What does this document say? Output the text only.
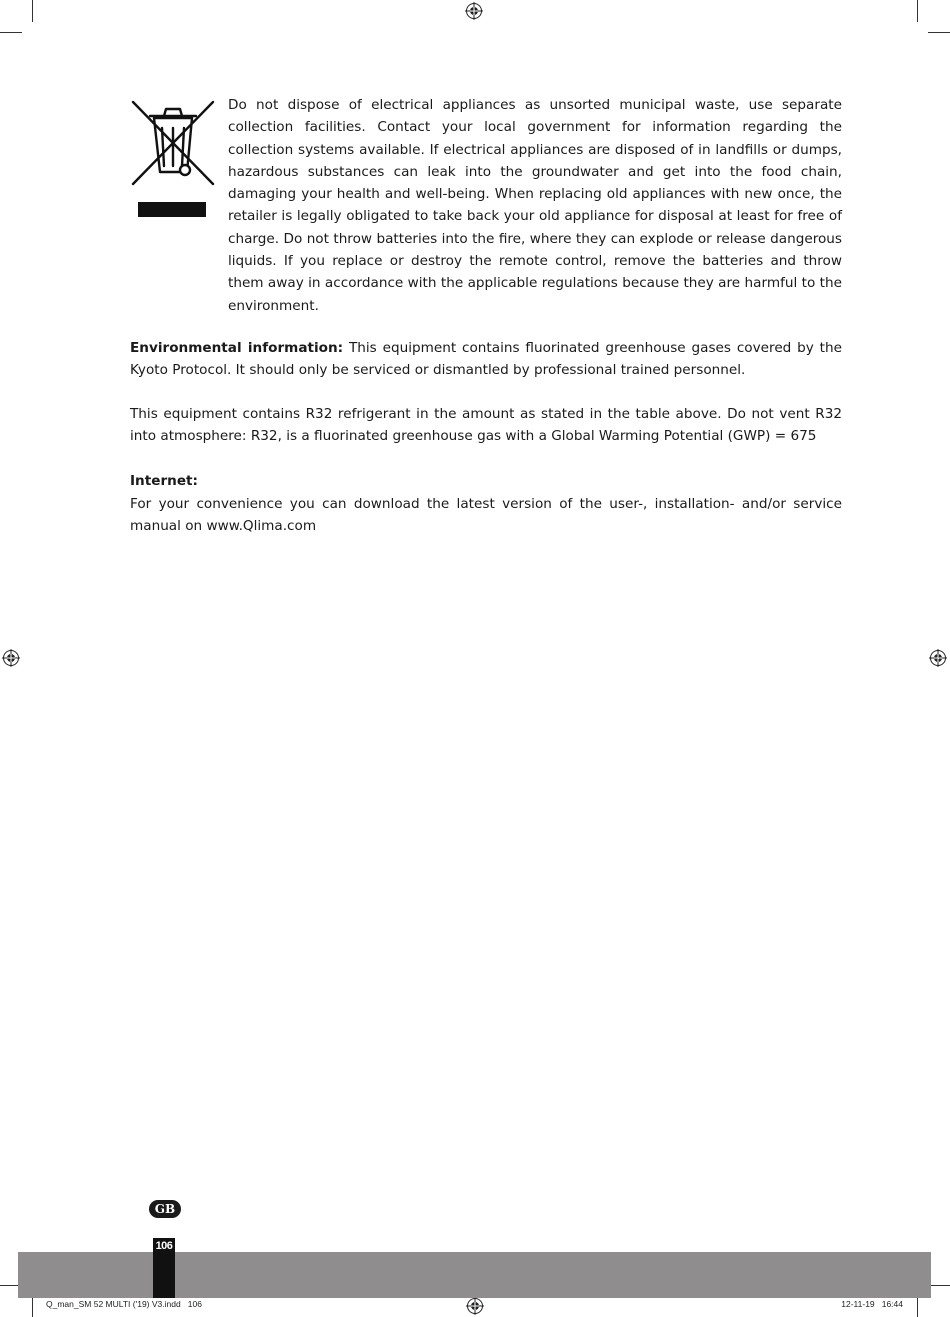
Do not dispose of electrical appliances as unsorted municipal waste, use separate collection facilities. Contact your local government for information regarding the collection systems available. If electrical appliances are disposed of in landfills or dumps, hazardous substances can leak into the groundwater and get into the food chain, damaging your health and well-being. When replacing old appliances with new once, the retailer is legally obligated to take back your old appliance for disposal at least for free of charge. Do not throw batteries into the fire, where they can explode or release dangerous liquids. If you replace or destroy the remote control, remove the batteries and throw them away in accordance with the applicable regulations because they are harmful to the environment.

Environmental information: This equipment contains fluorinated greenhouse gases covered by the Kyoto Protocol. It should only be serviced or dismantled by professional trained personnel.

This equipment contains R32 refrigerant in the amount as stated in the table above. Do not vent R32 into atmosphere: R32, is a fluorinated greenhouse gas with a Global Warming Potential (GWP) = 675

Internet:

For your convenience you can download the latest version of the user-, installation- and/or service manual on www.Qlima.com

GB
106
Q_man_SM 52 MULTI ('19) V3.indd   106	12-11-19   16:44
